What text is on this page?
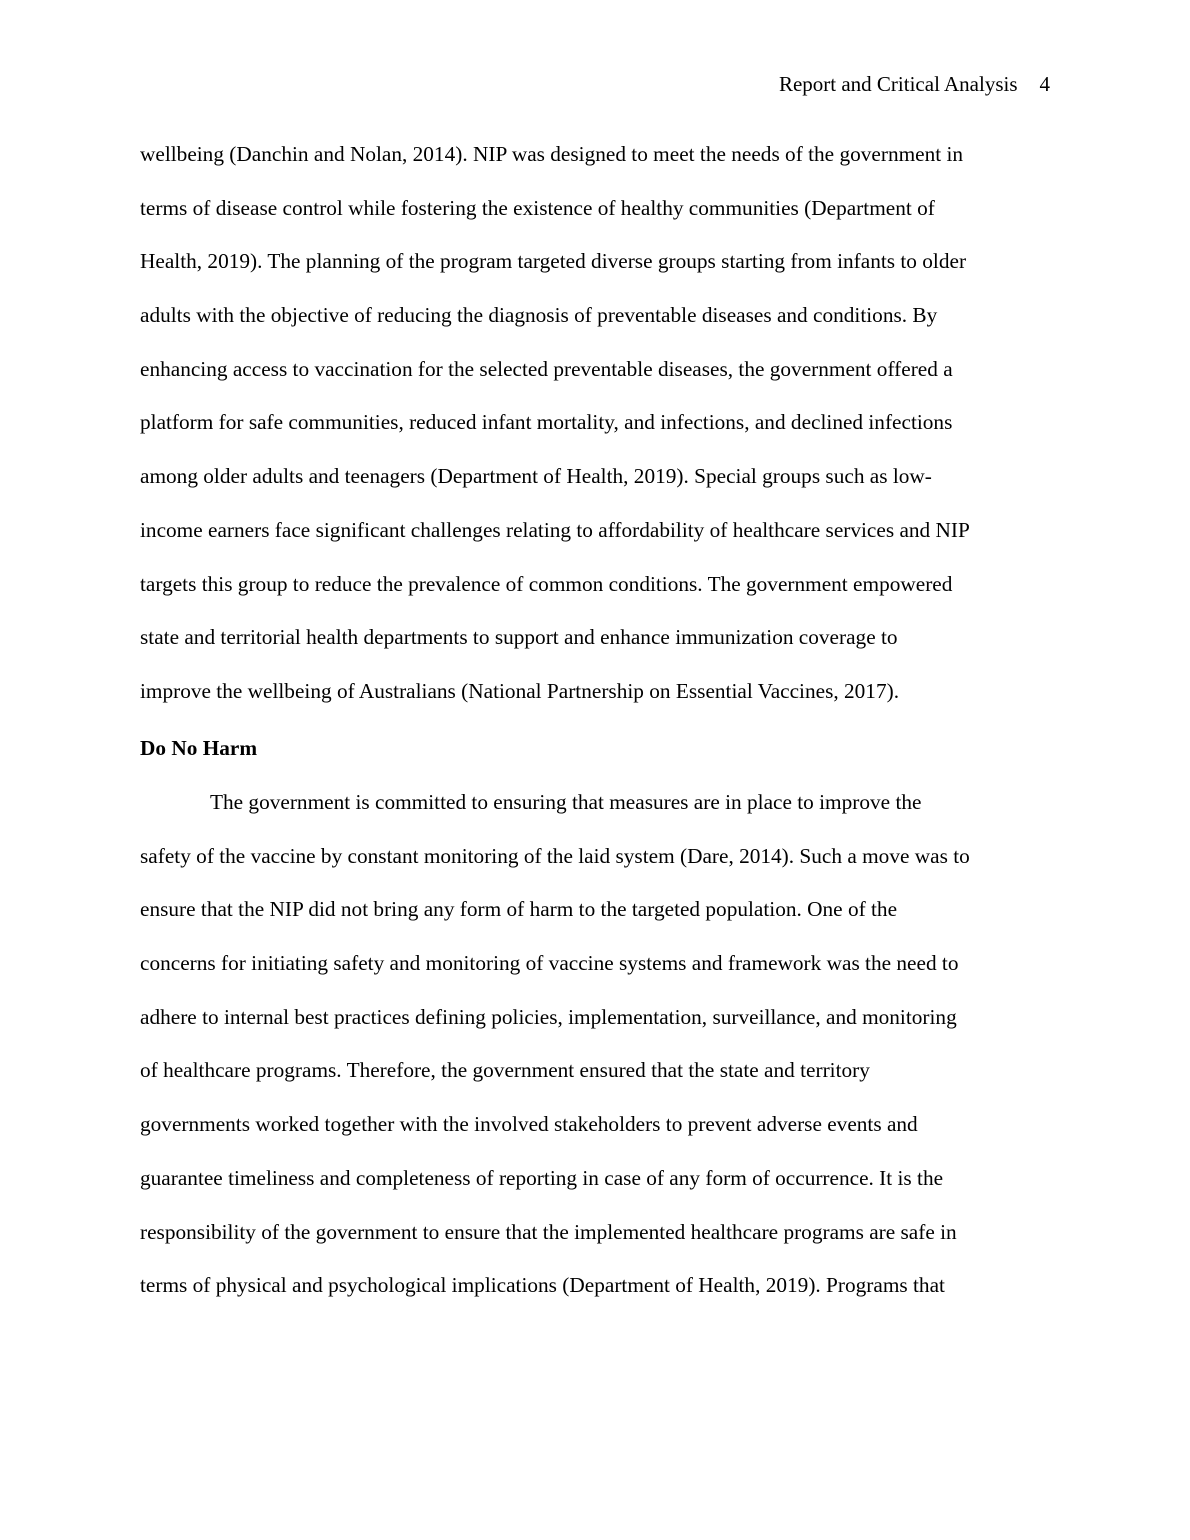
Report and Critical Analysis 4
wellbeing (Danchin and Nolan, 2014). NIP was designed to meet the needs of the government in
terms of disease control while fostering the existence of healthy communities (Department of
Health, 2019). The planning of the program targeted diverse groups starting from infants to older
adults with the objective of reducing the diagnosis of preventable diseases and conditions. By
enhancing access to vaccination for the selected preventable diseases, the government offered a
platform for safe communities, reduced infant mortality, and infections, and declined infections
among older adults and teenagers (Department of Health, 2019). Special groups such as low-
income earners face significant challenges relating to affordability of healthcare services and NIP
targets this group to reduce the prevalence of common conditions. The government empowered
state and territorial health departments to support and enhance immunization coverage to
improve the wellbeing of Australians (National Partnership on Essential Vaccines, 2017).
Do No Harm
The government is committed to ensuring that measures are in place to improve the
safety of the vaccine by constant monitoring of the laid system (Dare, 2014). Such a move was to
ensure that the NIP did not bring any form of harm to the targeted population. One of the
concerns for initiating safety and monitoring of vaccine systems and framework was the need to
adhere to internal best practices defining policies, implementation, surveillance, and monitoring
of healthcare programs. Therefore, the government ensured that the state and territory
governments worked together with the involved stakeholders to prevent adverse events and
guarantee timeliness and completeness of reporting in case of any form of occurrence. It is the
responsibility of the government to ensure that the implemented healthcare programs are safe in
terms of physical and psychological implications (Department of Health, 2019). Programs that
